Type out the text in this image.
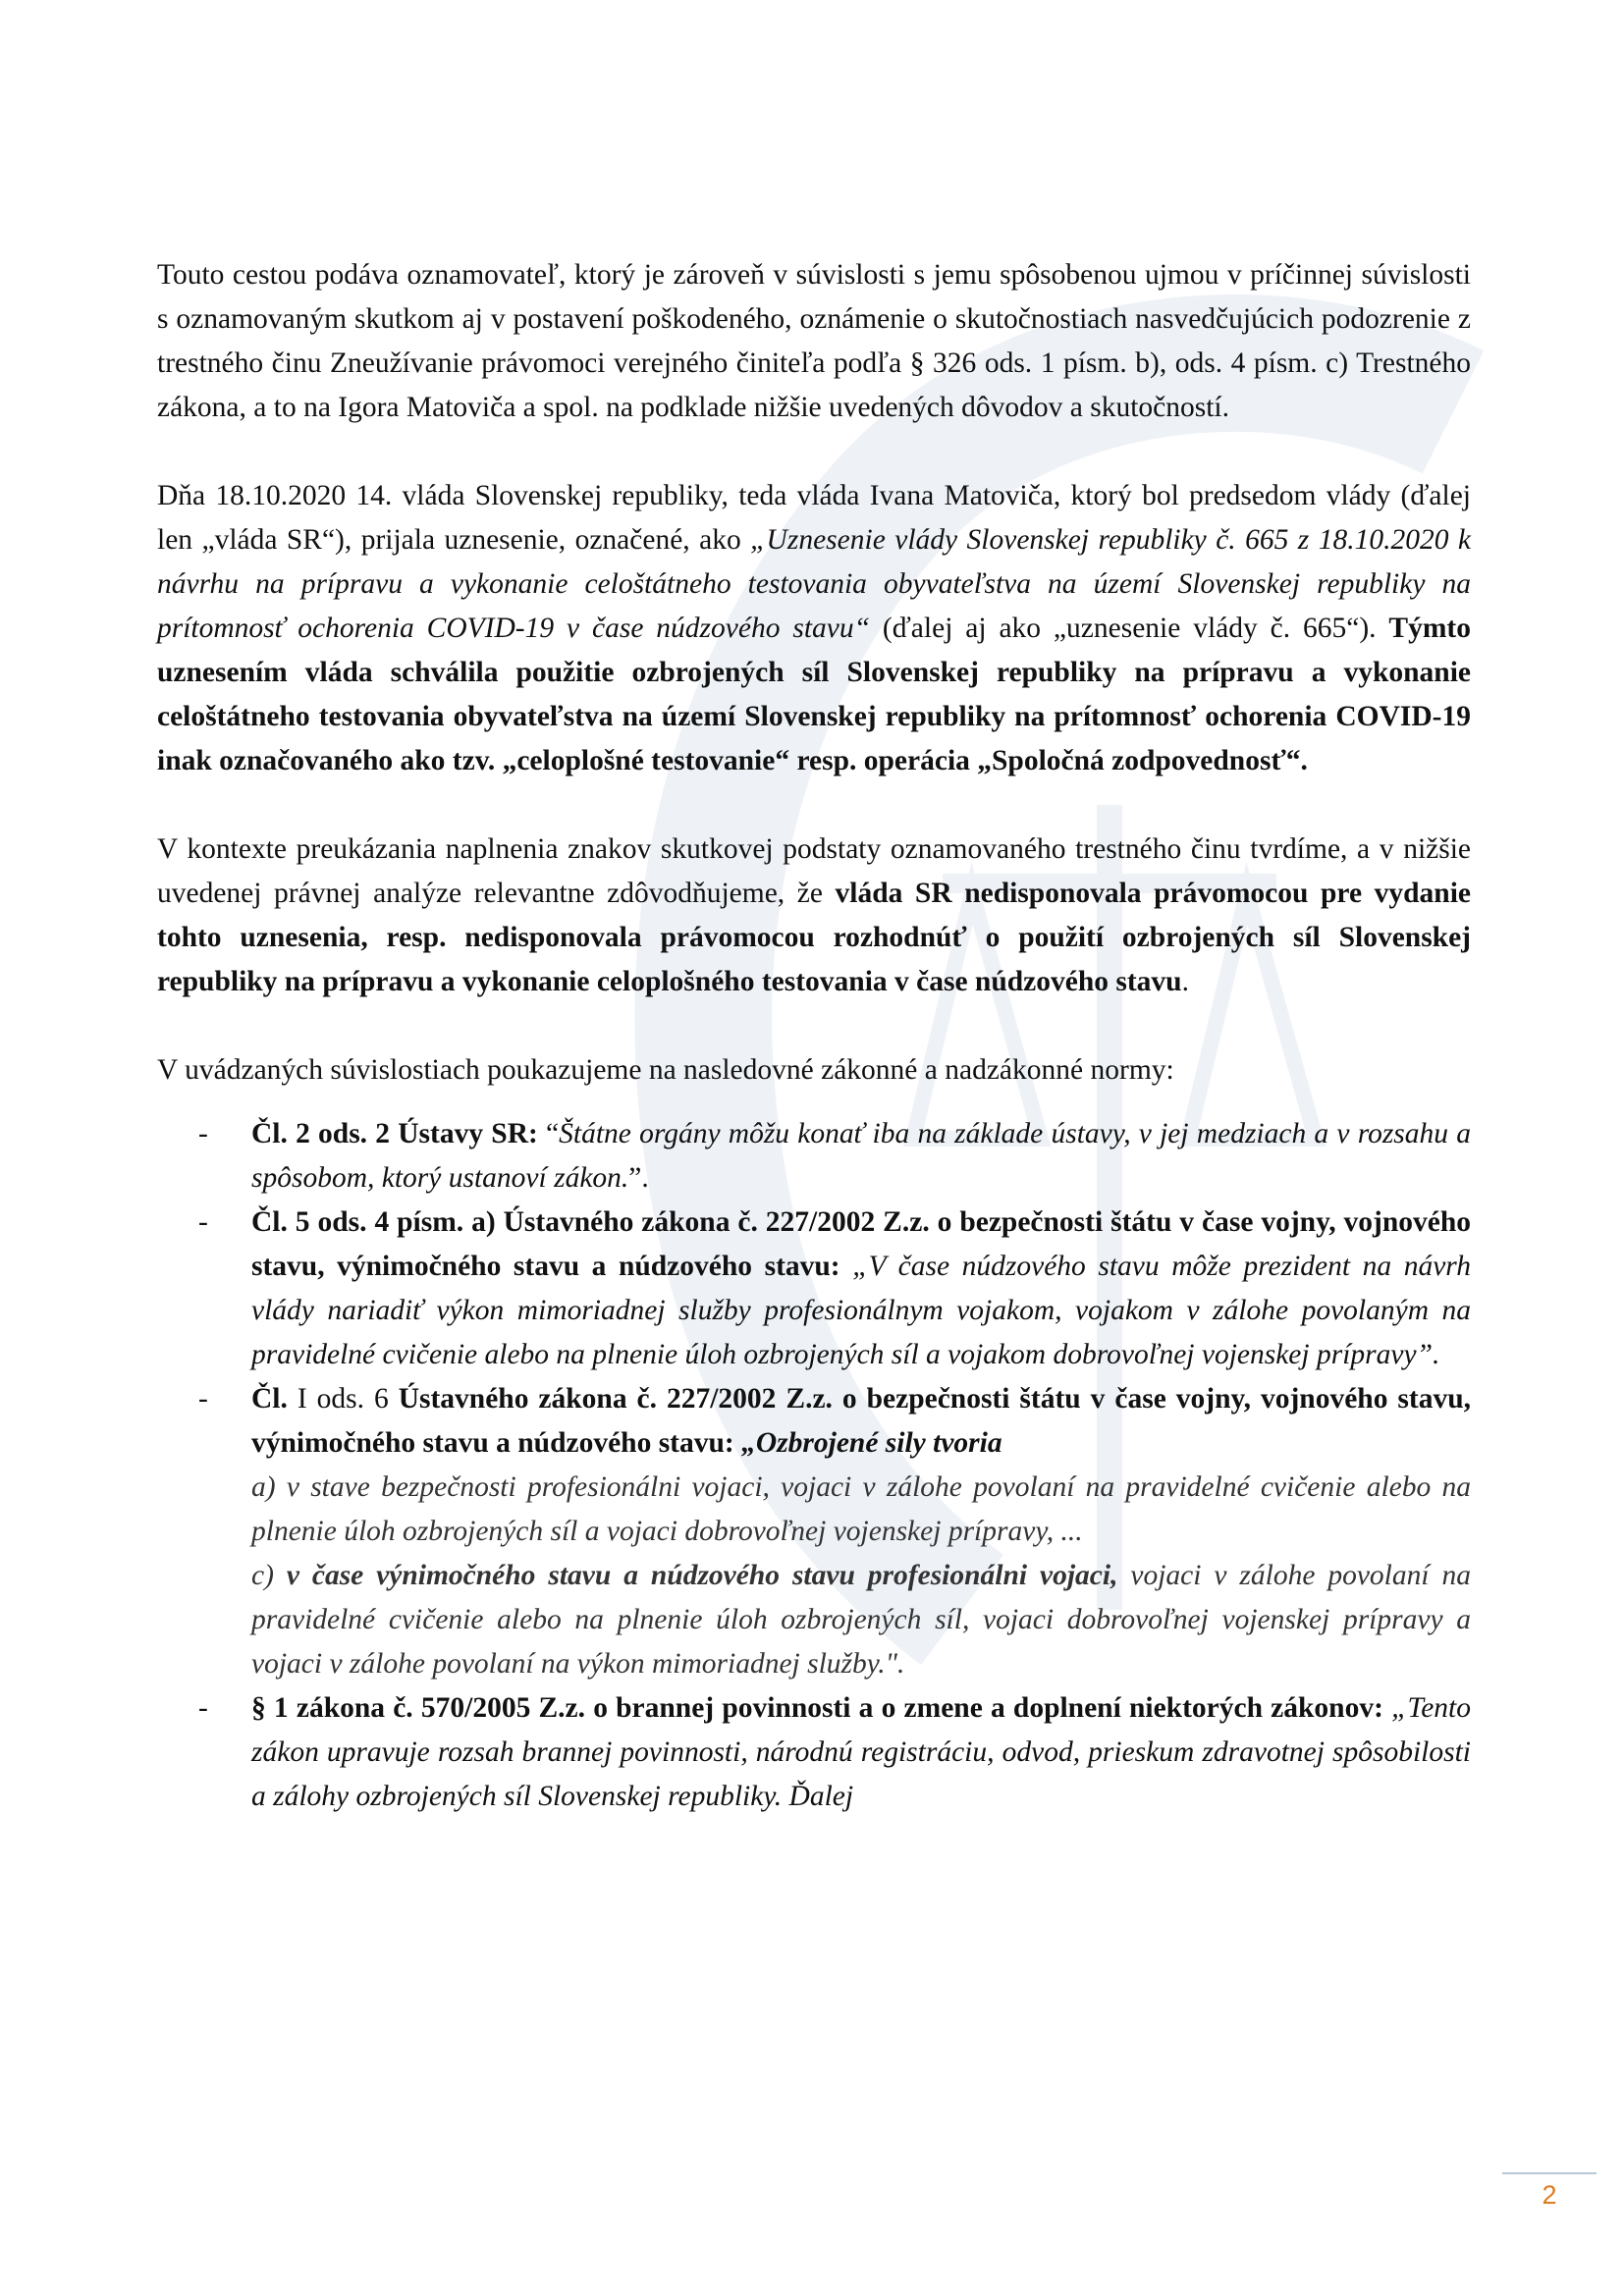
Touto cestou podáva oznamovateľ, ktorý je zároveň v súvislosti s jemu spôsobenou ujmou v príčinnej súvislosti s oznamovaným skutkom aj v postavení poškodeného, oznámenie o skutočnostiach nasvedčujúcich podozrenie z trestného činu Zneužívanie právomoci verejného činiteľa podľa § 326 ods. 1 písm. b), ods. 4 písm. c) Trestného zákona, a to na Igora Matoviča a spol. na podklade nižšie uvedených dôvodov a skutočností.

Dňa 18.10.2020 14. vláda Slovenskej republiky, teda vláda Ivana Matoviča, ktorý bol predsedom vlády (ďalej len „vláda SR“), prijala uznesenie, označené, ako „Uznesenie vlády Slovenskej republiky č. 665 z 18.10.2020 k návrhu na prípravu a vykonanie celoštátneho testovania obyvateľstva na území Slovenskej republiky na prítomnosť ochorenia COVID-19 v čase núdzového stavu“ (ďalej aj ako „uznesenie vlády č. 665“). Týmto uznesením vláda schválila použitie ozbrojených síl Slovenskej republiky na prípravu a vykonanie celoštátneho testovania obyvateľstva na území Slovenskej republiky na prítomnosť ochorenia COVID-19 inak označovaného ako tzv. „celoplošné testovanie“ resp. operácia „Spoločná zodpovednosť“.

V kontexte preukázania naplnenia znakov skutkovej podstaty oznamovaného trestného činu tvrdíme, a v nižšie uvedenej právnej analýze relevantne zdôvodňujeme, že vláda SR nedisponovala právomocou pre vydanie tohto uznesenia, resp. nedisponovala právomocou rozhodnúť o použití ozbrojených síl Slovenskej republiky na prípravu a vykonanie celoplošného testovania v čase núdzového stavu.

V uvádzaných súvislostiach poukazujeme na nasledovné zákonné a nadzákonné normy:

- Čl. 2 ods. 2 Ústavy SR: “Štátne orgány môžu konať iba na základe ústavy, v jej medziach a v rozsahu a spôsobom, ktorý ustanoví zákon.”.
- Čl. 5 ods. 4 písm. a) Ústavného zákona č. 227/2002 Z.z. o bezpečnosti štátu v čase vojny, vojnového stavu, výnimočného stavu a núdzového stavu: „V čase núdzového stavu môže prezident na návrh vlády nariadiť výkon mimoriadnej služby profesionálnym vojakom, vojakom v zálohe povolaným na pravidelné cvičenie alebo na plnenie úloh ozbrojených síl a vojakom dobrovoľnej vojenskej prípravy”.
- Čl. I ods. 6 Ústavného zákona č. 227/2002 Z.z. o bezpečnosti štátu v čase vojny, vojnového stavu, výnimočného stavu a núdzového stavu: „Ozbrojené sily tvoria

a) v stave bezpečnosti profesionálni vojaci, vojaci v zálohe povolaní na pravidelné cvičenie alebo na plnenie úloh ozbrojených síl a vojaci dobrovoľnej vojenskej prípravy, ...

c) v čase výnimočného stavu a núdzového stavu profesionálni vojaci, vojaci v zálohe povolaní na pravidelné cvičenie alebo na plnenie úloh ozbrojených síl, vojaci dobrovoľnej vojenskej prípravy a vojaci v zálohe povolaní na výkon mimoriadnej služby.".

- § 1 zákona č. 570/2005 Z.z. o brannej povinnosti a o zmene a doplnení niektorých zákonov: „Tento zákon upravuje rozsah brannej povinnosti, národnú registráciu, odvod, prieskum zdravotnej spôsobilosti a zálohy ozbrojených síl Slovenskej republiky. Ďalej
2
